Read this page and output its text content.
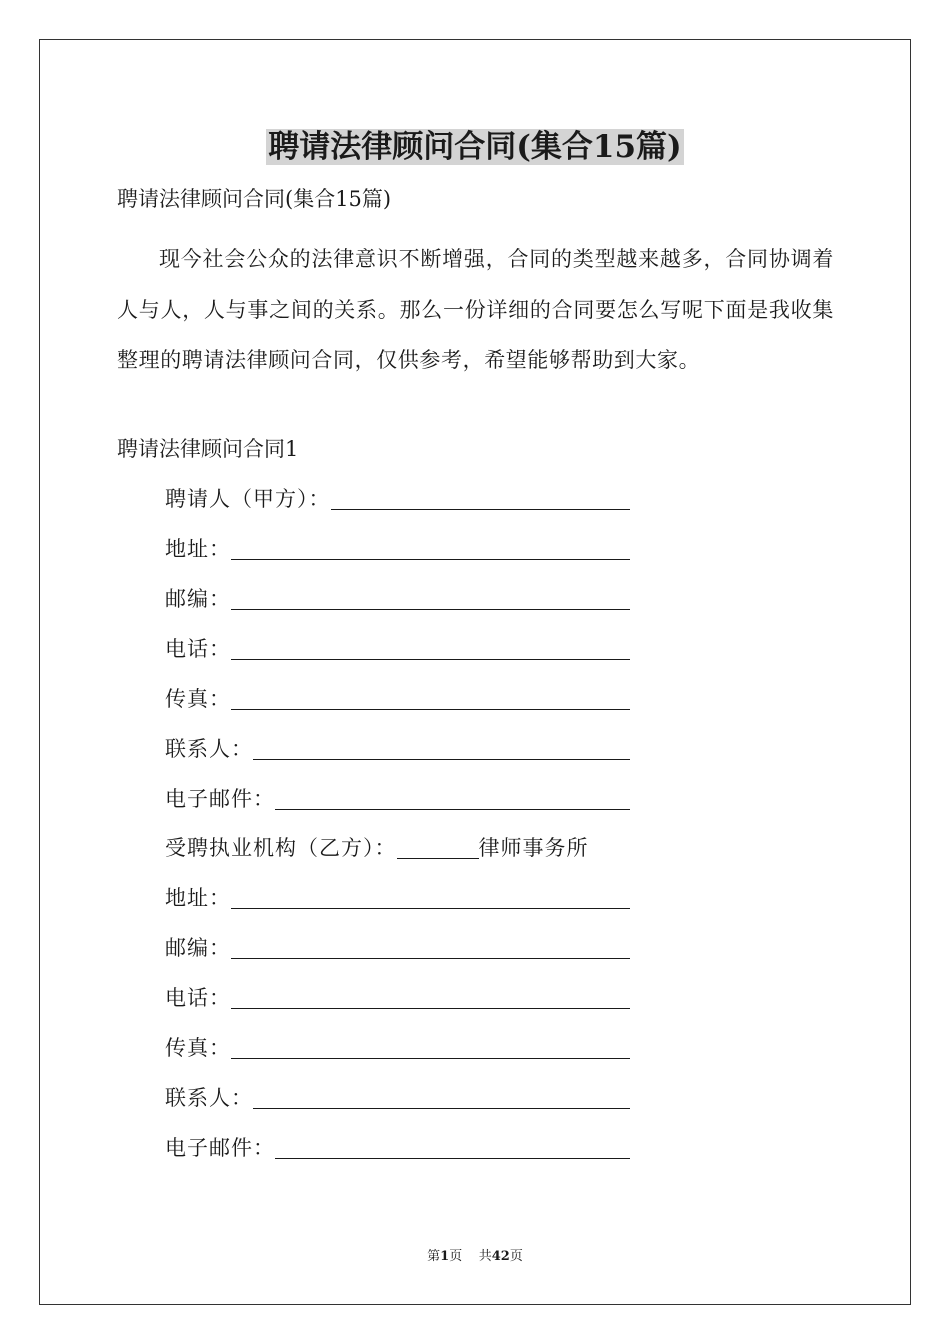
聘请法律顾问合同(集合15篇)

聘请法律顾问合同(集合15篇)

现今社会公众的法律意识不断增强，合同的类型越来越多，合同协调着人与人，人与事之间的关系。那么一份详细的合同要怎么写呢下面是我收集整理的聘请法律顾问合同，仅供参考，希望能够帮助到大家。

聘请法律顾问合同1

聘请人（甲方）：
地址：
邮编：
电话：
传真：
联系人：
电子邮件：
受聘执业机构（乙方）：	律师事务所
地址：
邮编：
电话：
传真：
联系人：
电子邮件：
第1页 共42页
